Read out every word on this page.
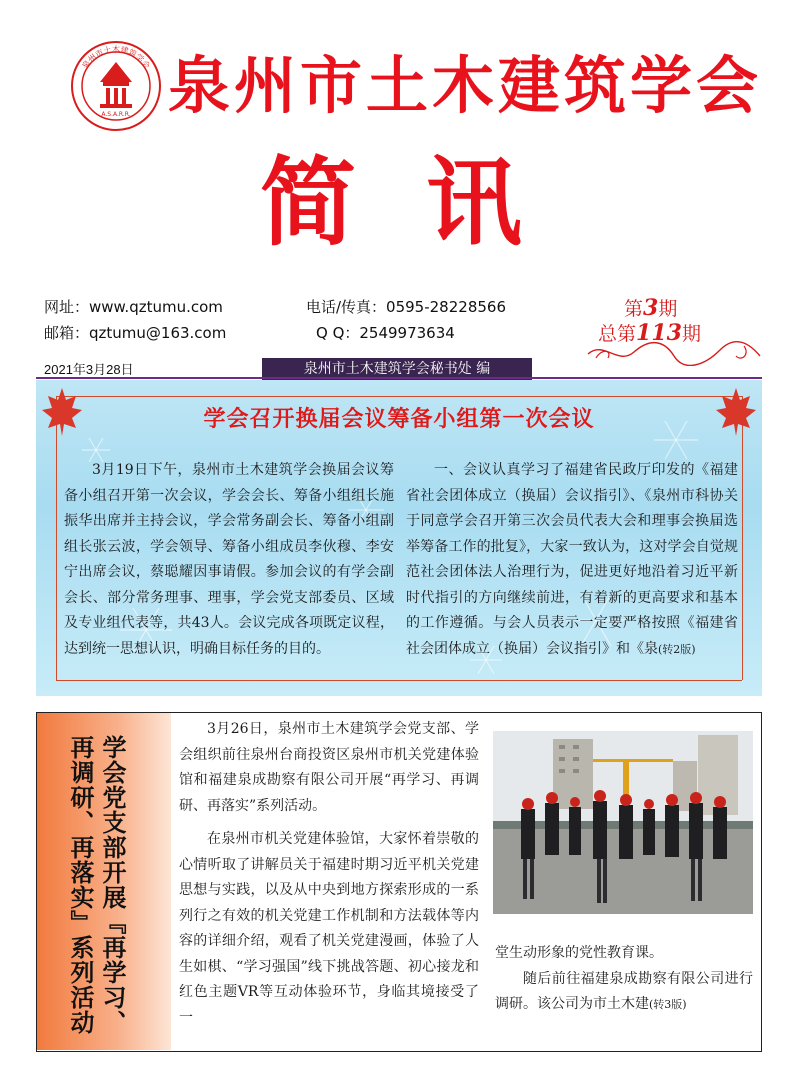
A.S.A.R.R.
泉州市土木建筑学会 泉州市土木建筑学会
简讯
网址：www.qztumu.com
邮箱：qztumu@163.com
电话/传真：0595-28228566
Q Q：2549973634
第3期
总第113期
2021年3月28日	泉州市土木建筑学会秘书处 编
学会召开换届会议筹备小组第一次会议

3月19日下午，泉州市土木建筑学会换届会议筹备小组召开第一次会议，学会会长、筹备小组组长施振华出席并主持会议，学会常务副会长、筹备小组副组长张云波，学会领导、筹备小组成员李伙穆、李安宁出席会议，蔡聪耀因事请假。参加会议的有学会副会长、部分常务理事、理事，学会党支部委员、区域及专业组代表等，共43人。会议完成各项既定议程，达到统一思想认识，明确目标任务的目的。

一、会议认真学习了福建省民政厅印发的《福建省社会团体成立（换届）会议指引》、《泉州市科协关于同意学会召开第三次会员代表大会和理事会换届选举筹备工作的批复》，大家一致认为，这对学会自觉规范社会团体法人治理行为，促进更好地沿着习近平新时代指引的方向继续前进，有着新的更高要求和基本的工作遵循。与会人员表示一定要严格按照《福建省社会团体成立（换届）会议指引》和《泉(转2版)

学会党支部开展『再学习、
再调研、再落实』系列活动

3月26日，泉州市土木建筑学会党支部、学会组织前往泉州台商投资区泉州市机关党建体验馆和福建泉成勘察有限公司开展“再学习、再调研、再落实”系列活动。

在泉州市机关党建体验馆，大家怀着崇敬的心情听取了讲解员关于福建时期习近平机关党建思想与实践，以及从中央到地方探索形成的一系列行之有效的机关党建工作机制和方法载体等内容的详细介绍，观看了机关党建漫画，体验了人生如棋、“学习强国”线下挑战答题、初心接龙和红色主题VR等互动体验环节，身临其境接受了一

堂生动形象的党性教育课。

随后前往福建泉成勘察有限公司进行调研。该公司为市土木建(转3版)
